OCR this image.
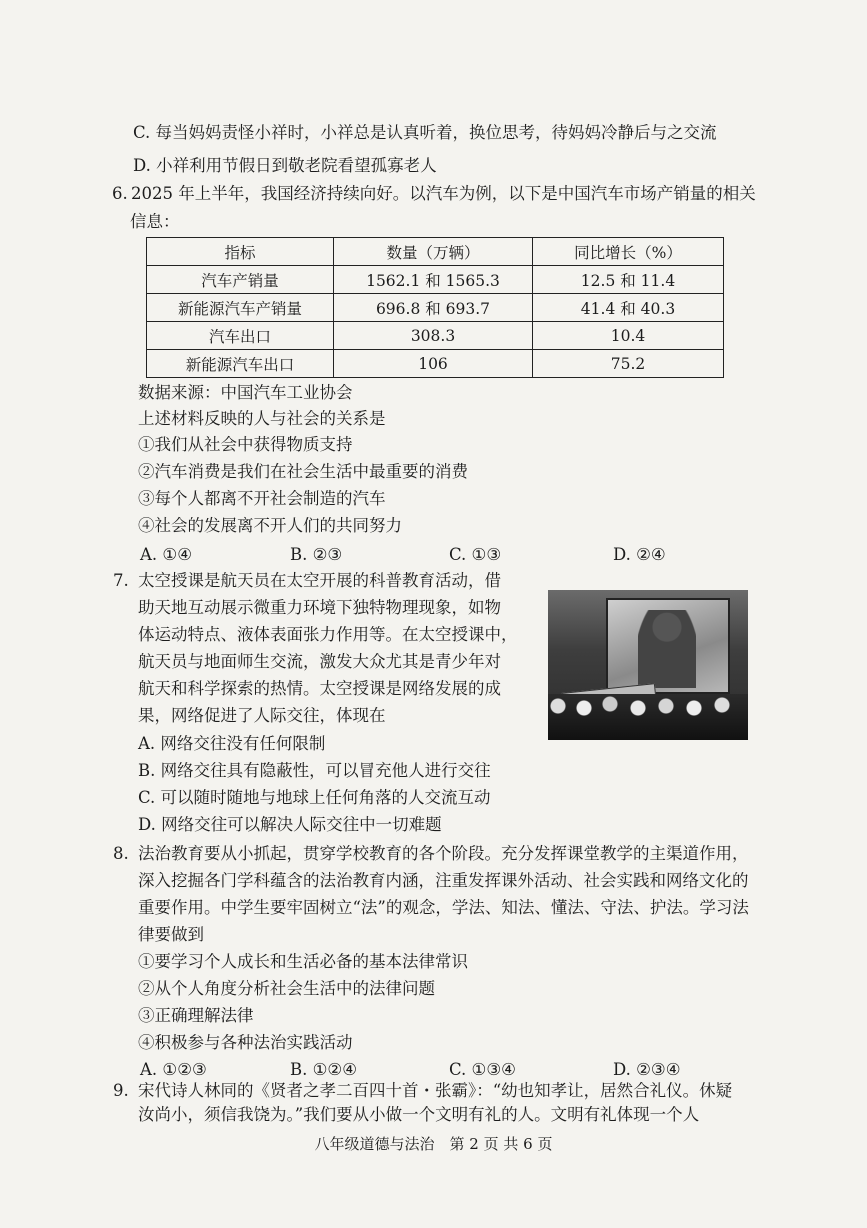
C. 每当妈妈责怪小祥时，小祥总是认真听着，换位思考，待妈妈冷静后与之交流
D. 小祥利用节假日到敬老院看望孤寡老人
6. 2025 年上半年，我国经济持续向好。以汽车为例，以下是中国汽车市场产销量的相关
信息：
指标	数量（万辆）	同比增长（%）
汽车产销量	1562.1 和 1565.3	12.5 和 11.4
新能源汽车产销量	696.8 和 693.7	41.4 和 40.3
汽车出口	308.3	10.4
新能源汽车出口	106	75.2
数据来源：中国汽车工业协会
上述材料反映的人与社会的关系是
①我们从社会中获得物质支持
②汽车消费是我们在社会生活中最重要的消费
③每个人都离不开社会制造的汽车
④社会的发展离不开人们的共同努力
A. ①④	B. ②③	C. ①③	D. ②④
7. 太空授课是航天员在太空开展的科普教育活动，借
助天地互动展示微重力环境下独特物理现象，如物
体运动特点、液体表面张力作用等。在太空授课中，
航天员与地面师生交流，激发大众尤其是青少年对
航天和科学探索的热情。太空授课是网络发展的成
果，网络促进了人际交往，体现在
A. 网络交往没有任何限制
B. 网络交往具有隐蔽性，可以冒充他人进行交往
C. 可以随时随地与地球上任何角落的人交流互动
D. 网络交往可以解决人际交往中一切难题
8. 法治教育要从小抓起，贯穿学校教育的各个阶段。充分发挥课堂教学的主渠道作用，
深入挖掘各门学科蕴含的法治教育内涵，注重发挥课外活动、社会实践和网络文化的
重要作用。中学生要牢固树立“法”的观念，学法、知法、懂法、守法、护法。学习法
律要做到
①要学习个人成长和生活必备的基本法律常识
②从个人角度分析社会生活中的法律问题
③正确理解法律
④积极参与各种法治实践活动
A. ①②③	B. ①②④	C. ①③④	D. ②③④
9. 宋代诗人林同的《贤者之孝二百四十首・张霸》：“幼也知孝让，居然合礼仪。休疑
汝尚小，须信我饶为。”我们要从小做一个文明有礼的人。文明有礼体现一个人
八年级道德与法治　第 2 页 共 6 页
